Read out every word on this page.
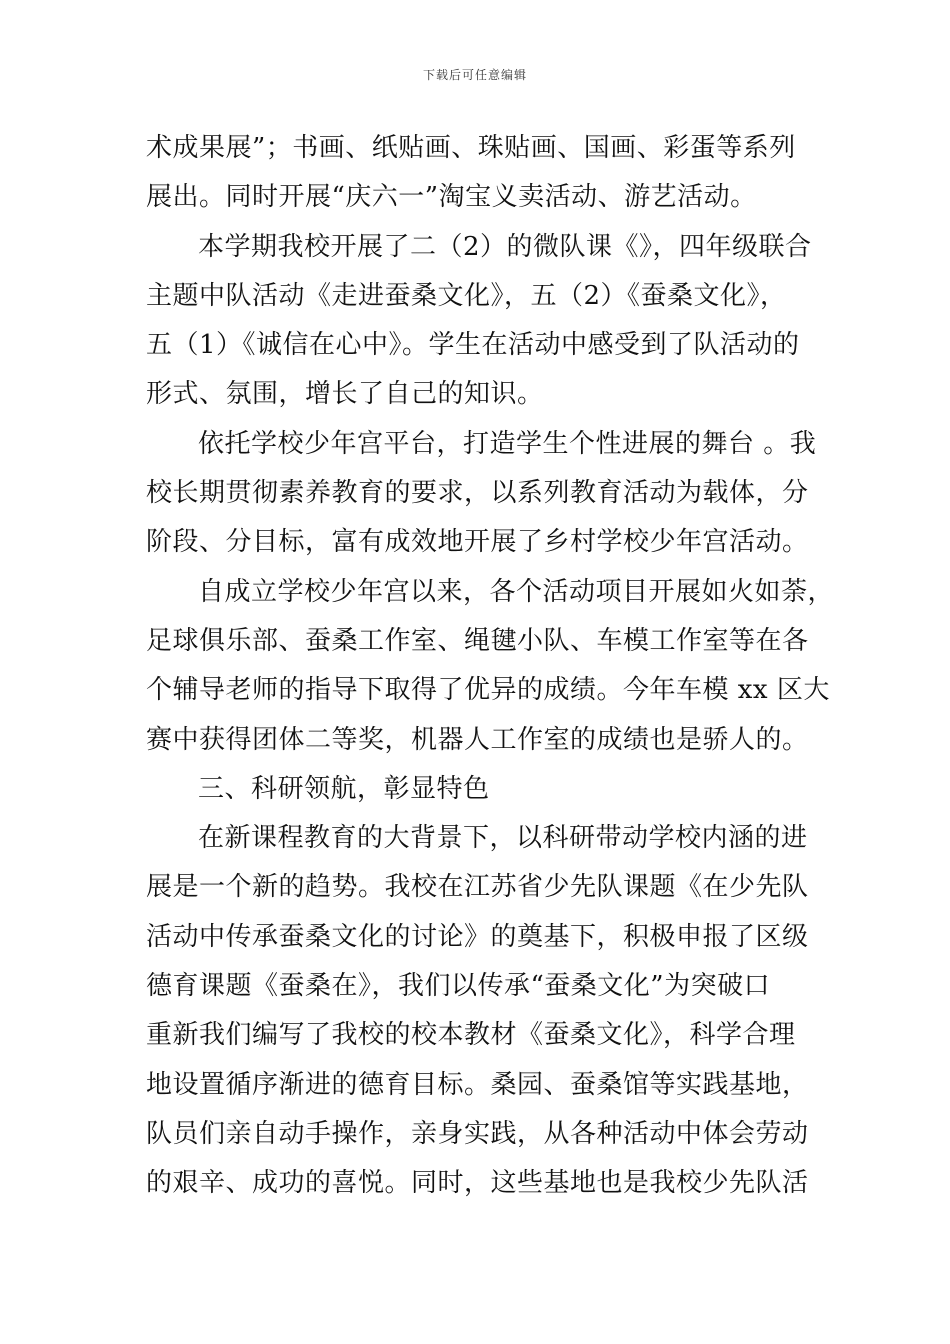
下载后可任意编辑
术成果展”；书画、纸贴画、珠贴画、国画、彩蛋等系列
展出。同时开展“庆六一”淘宝义卖活动、游艺活动。
本学期我校开展了二（2）的微队课《》，四年级联合
主题中队活动《走进蚕桑文化》，五（2）《蚕桑文化》，
五（1）《诚信在心中》。学生在活动中感受到了队活动的
形式、氛围，增长了自己的知识。
依托学校少年宫平台，打造学生个性进展的舞台 。我
校长期贯彻素养教育的要求，以系列教育活动为载体，分
阶段、分目标，富有成效地开展了乡村学校少年宫活动。
自成立学校少年宫以来，各个活动项目开展如火如荼，
足球俱乐部、蚕桑工作室、绳毽小队、车模工作室等在各
个辅导老师的指导下取得了优异的成绩。今年车模 xx 区大
赛中获得团体二等奖，机器人工作室的成绩也是骄人的。
三、科研领航，彰显特色
在新课程教育的大背景下，以科研带动学校内涵的进
展是一个新的趋势。我校在江苏省少先队课题《在少先队
活动中传承蚕桑文化的讨论》的奠基下，积极申报了区级
德育课题《蚕桑在》，我们以传承“蚕桑文化”为突破口
重新我们编写了我校的校本教材《蚕桑文化》，科学合理
地设置循序渐进的德育目标。桑园、蚕桑馆等实践基地，
队员们亲自动手操作，亲身实践，从各种活动中体会劳动
的艰辛、成功的喜悦。同时，这些基地也是我校少先队活
